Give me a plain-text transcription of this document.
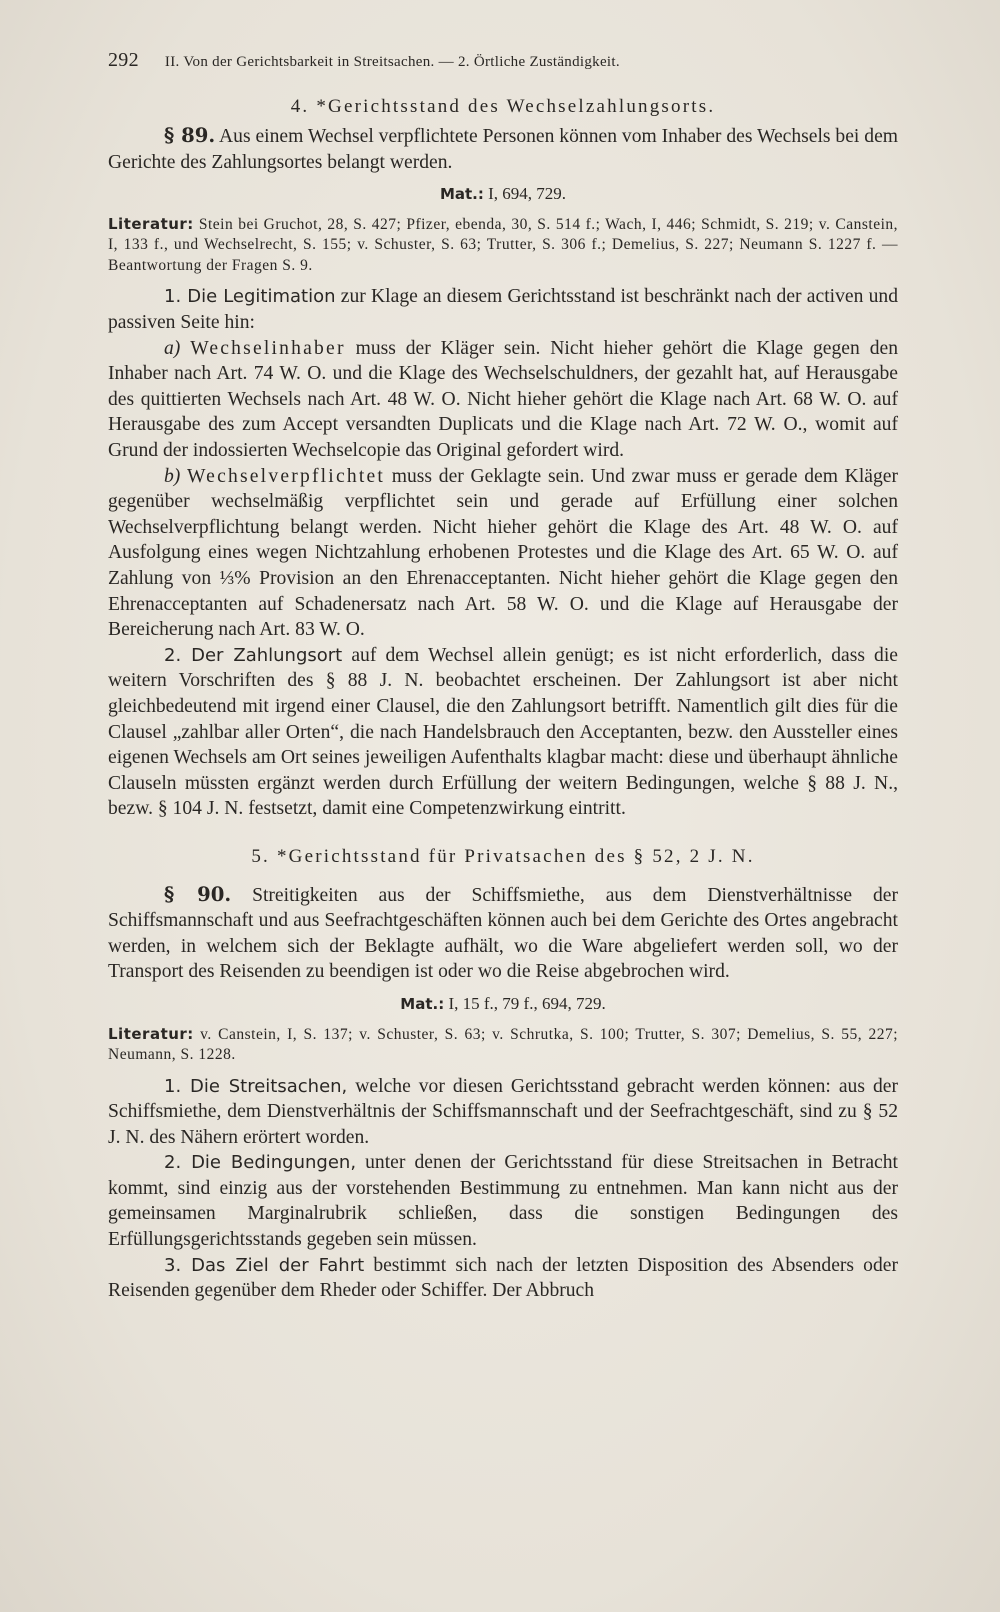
292 II. Von der Gerichtsbarkeit in Streitsachen. — 2. Örtliche Zuständigkeit.
4. *Gerichtsstand des Wechselzahlungsorts.

§ 89. Aus einem Wechsel verpflichtete Personen können vom Inhaber des Wechsels bei dem Gerichte des Zahlungsortes belangt werden.

Mat.: I, 694, 729.

Literatur: Stein bei Gruchot, 28, S. 427; Pfizer, ebenda, 30, S. 514 f.; Wach, I, 446; Schmidt, S. 219; v. Canstein, I, 133 f., und Wechselrecht, S. 155; v. Schuster, S. 63; Trutter, S. 306 f.; Demelius, S. 227; Neumann S. 1227 f. — Beantwortung der Fragen S. 9.

1. Die Legitimation zur Klage an diesem Gerichtsstand ist beschränkt nach der activen und passiven Seite hin:

a) Wechselinhaber muss der Kläger sein. Nicht hieher gehört die Klage gegen den Inhaber nach Art. 74 W. O. und die Klage des Wechselschuldners, der gezahlt hat, auf Herausgabe des quittierten Wechsels nach Art. 48 W. O. Nicht hieher gehört die Klage nach Art. 68 W. O. auf Herausgabe des zum Accept versandten Duplicats und die Klage nach Art. 72 W. O., womit auf Grund der indossierten Wechselcopie das Original gefordert wird.

b) Wechselverpflichtet muss der Geklagte sein. Und zwar muss er gerade dem Kläger gegenüber wechselmäßig verpflichtet sein und gerade auf Erfüllung einer solchen Wechselverpflichtung belangt werden. Nicht hieher gehört die Klage des Art. 48 W. O. auf Ausfolgung eines wegen Nichtzahlung erhobenen Protestes und die Klage des Art. 65 W. O. auf Zahlung von ⅓% Provision an den Ehrenacceptanten. Nicht hieher gehört die Klage gegen den Ehrenacceptanten auf Schadenersatz nach Art. 58 W. O. und die Klage auf Herausgabe der Bereicherung nach Art. 83 W. O.

2. Der Zahlungsort auf dem Wechsel allein genügt; es ist nicht erforderlich, dass die weitern Vorschriften des § 88 J. N. beobachtet erscheinen. Der Zahlungsort ist aber nicht gleichbedeutend mit irgend einer Clausel, die den Zahlungsort betrifft. Namentlich gilt dies für die Clausel „zahlbar aller Orten“, die nach Handelsbrauch den Acceptanten, bezw. den Aussteller eines eigenen Wechsels am Ort seines jeweiligen Aufenthalts klagbar macht: diese und überhaupt ähnliche Clauseln müssten ergänzt werden durch Erfüllung der weitern Bedingungen, welche § 88 J. N., bezw. § 104 J. N. festsetzt, damit eine Competenzwirkung eintritt.

5. *Gerichtsstand für Privatsachen des § 52, 2 J. N.

§ 90. Streitigkeiten aus der Schiffsmiethe, aus dem Dienstverhältnisse der Schiffsmannschaft und aus Seefrachtgeschäften können auch bei dem Gerichte des Ortes angebracht werden, in welchem sich der Beklagte aufhält, wo die Ware abgeliefert werden soll, wo der Transport des Reisenden zu beendigen ist oder wo die Reise abgebrochen wird.

Mat.: I, 15 f., 79 f., 694, 729.

Literatur: v. Canstein, I, S. 137; v. Schuster, S. 63; v. Schrutka, S. 100; Trutter, S. 307; Demelius, S. 55, 227; Neumann, S. 1228.

1. Die Streitsachen, welche vor diesen Gerichtsstand gebracht werden können: aus der Schiffsmiethe, dem Dienstverhältnis der Schiffsmannschaft und der Seefrachtgeschäft, sind zu § 52 J. N. des Nähern erörtert worden.

2. Die Bedingungen, unter denen der Gerichtsstand für diese Streitsachen in Betracht kommt, sind einzig aus der vorstehenden Bestimmung zu entnehmen. Man kann nicht aus der gemeinsamen Marginalrubrik schließen, dass die sonstigen Bedingungen des Erfüllungsgerichtsstands gegeben sein müssen.

3. Das Ziel der Fahrt bestimmt sich nach der letzten Disposition des Absenders oder Reisenden gegenüber dem Rheder oder Schiffer. Der Abbruch
